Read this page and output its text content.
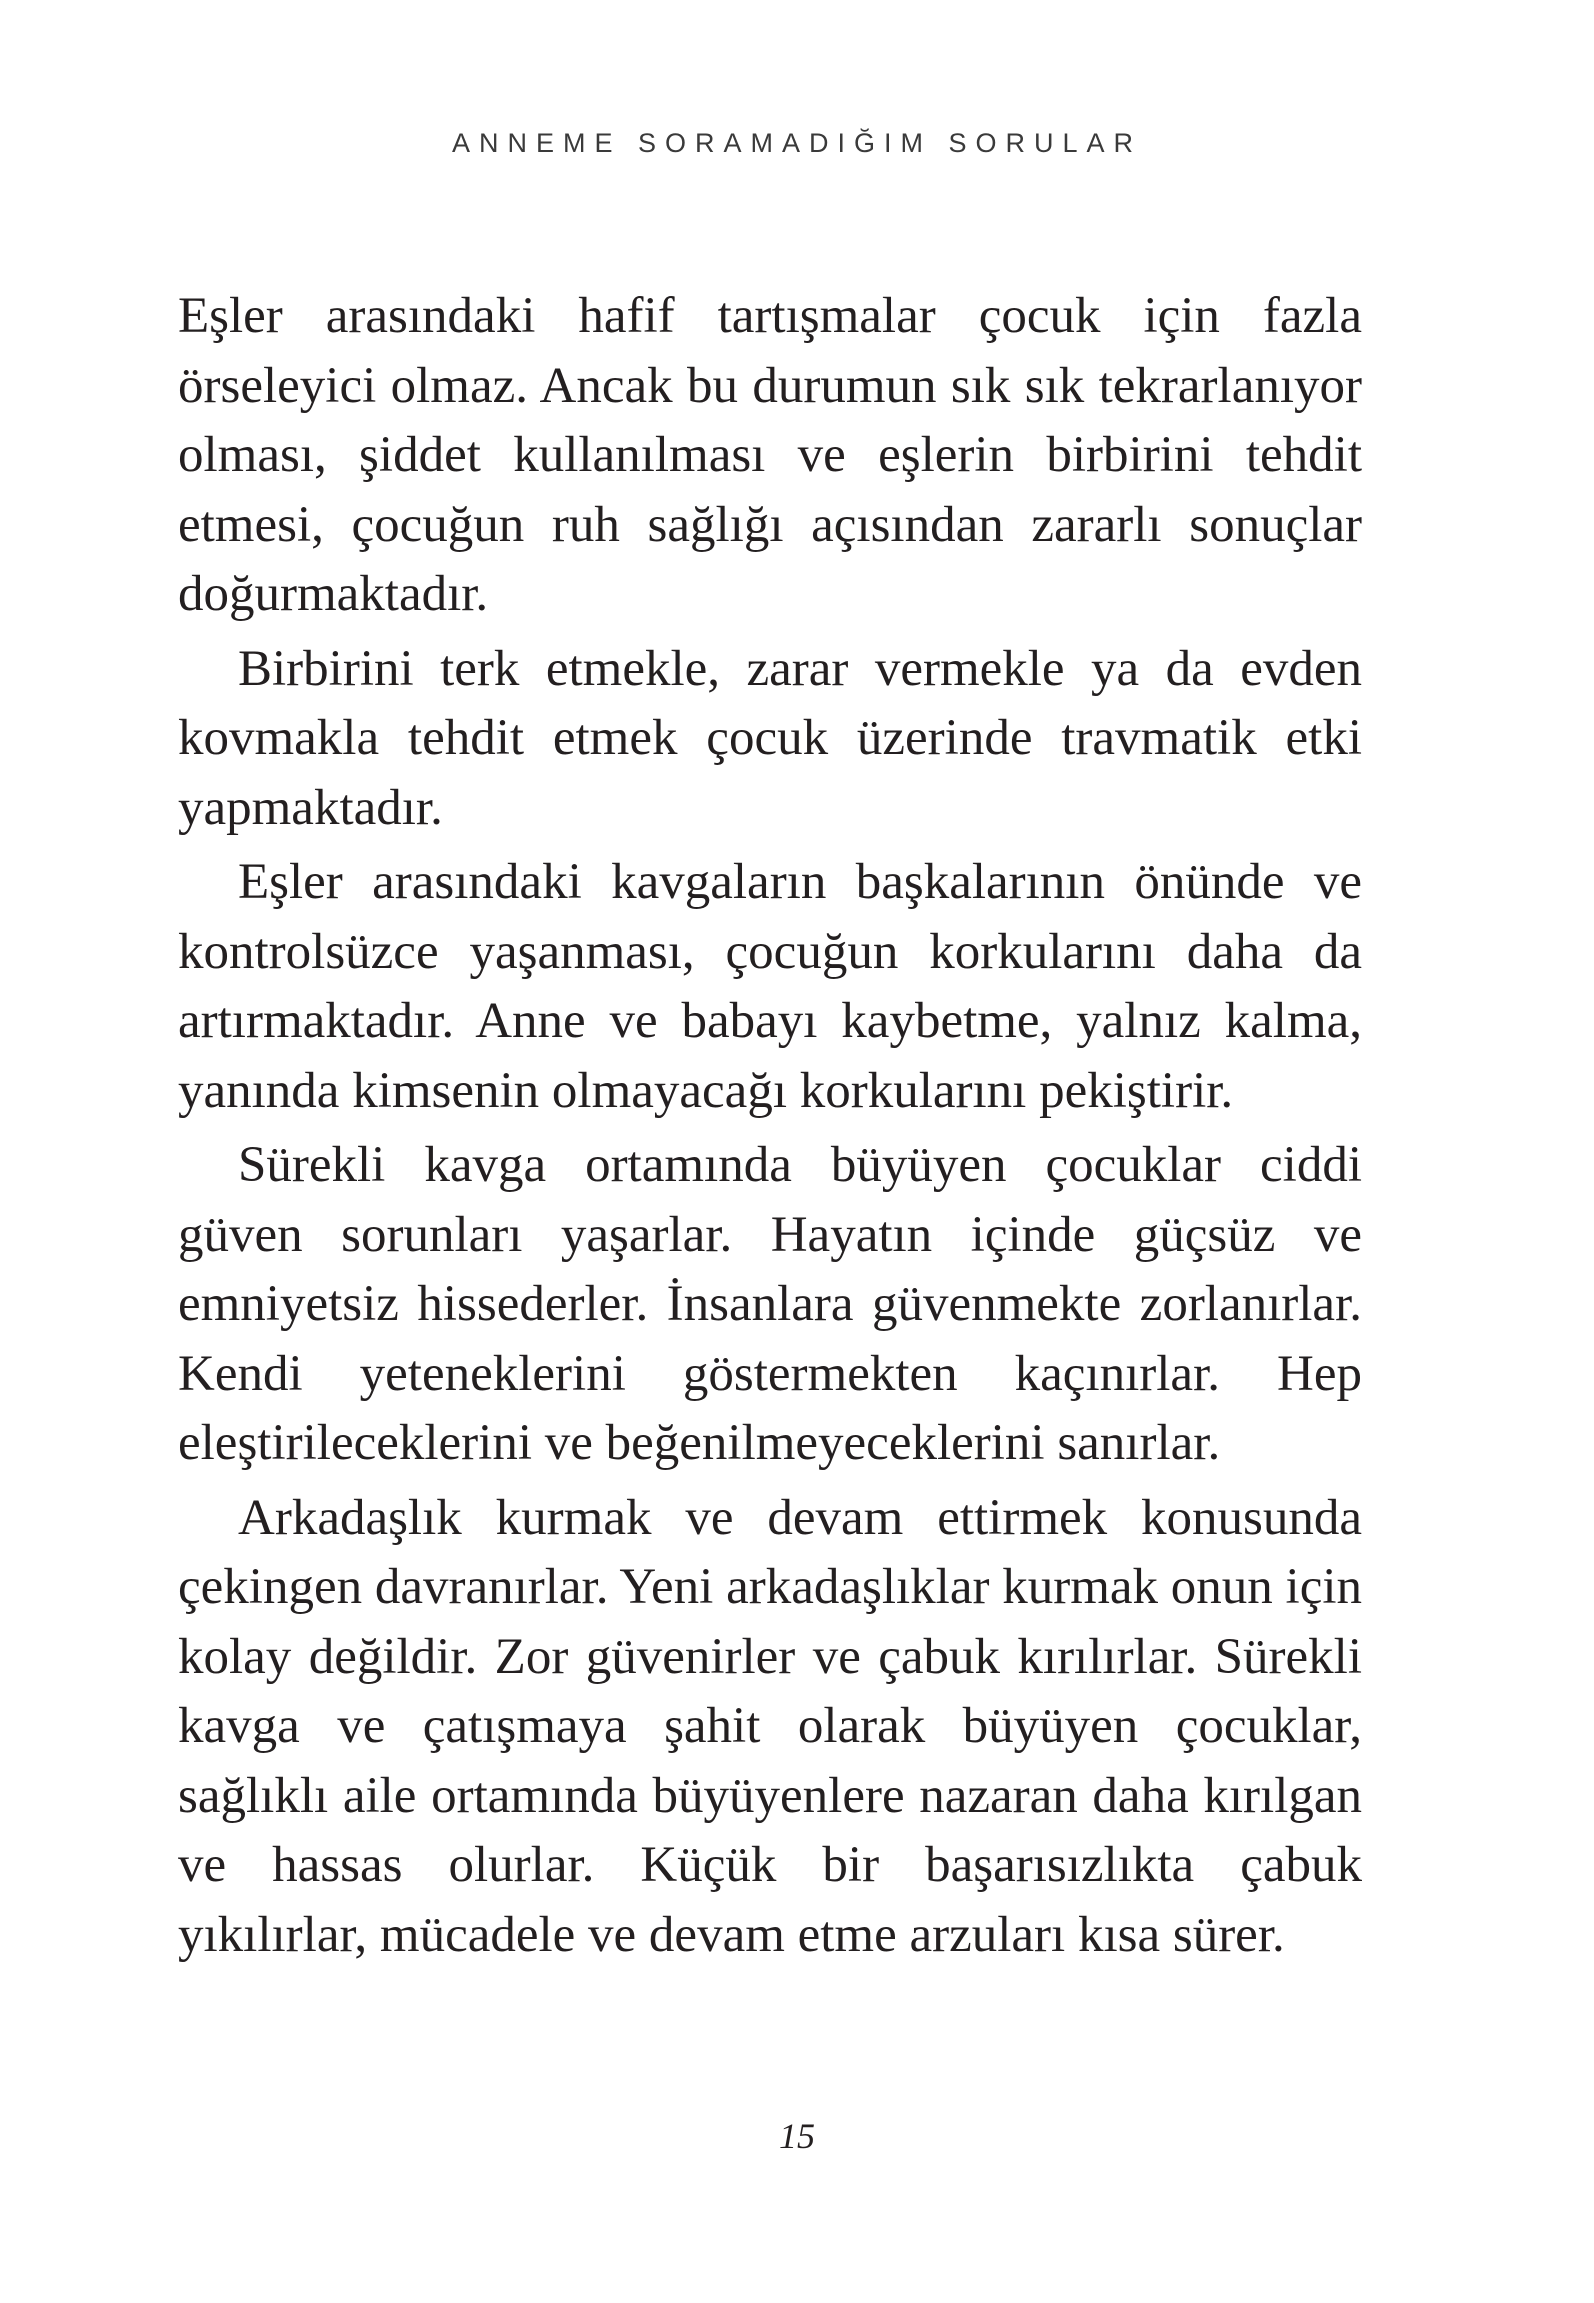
ANNEME SORAMADIĞIM SORULAR

Eşler arasındaki hafif tartışmalar çocuk için fazla örseleyici olmaz. Ancak bu durumun sık sık tekrarlanıyor olması, şiddet kullanılması ve eşlerin birbirini tehdit etmesi, çocuğun ruh sağlığı açısından zararlı sonuçlar doğurmaktadır.

Birbirini terk etmekle, zarar vermekle ya da evden kovmakla tehdit etmek çocuk üzerinde travmatik etki yapmaktadır.

Eşler arasındaki kavgaların başkalarının önünde ve kontrolsüzce yaşanması, çocuğun korkularını daha da artırmaktadır. Anne ve babayı kaybetme, yalnız kalma, yanında kimsenin olmayacağı korkularını pekiştirir.

Sürekli kavga ortamında büyüyen çocuklar ciddi güven sorunları yaşarlar. Hayatın içinde güçsüz ve emniyetsiz hissederler. İnsanlara güvenmekte zorlanırlar. Kendi yeteneklerini göstermekten kaçınırlar. Hep eleştirileceklerini ve beğenilmeyeceklerini sanırlar.

Arkadaşlık kurmak ve devam ettirmek konusunda çekingen davranırlar. Yeni arkadaşlıklar kurmak onun için kolay değildir. Zor güvenirler ve çabuk kırılırlar. Sürekli kavga ve çatışmaya şahit olarak büyüyen çocuklar, sağlıklı aile ortamında büyüyenlere nazaran daha kırılgan ve hassas olurlar. Küçük bir başarısızlıkta çabuk yıkılırlar, mücadele ve devam etme arzuları kısa sürer.

15
